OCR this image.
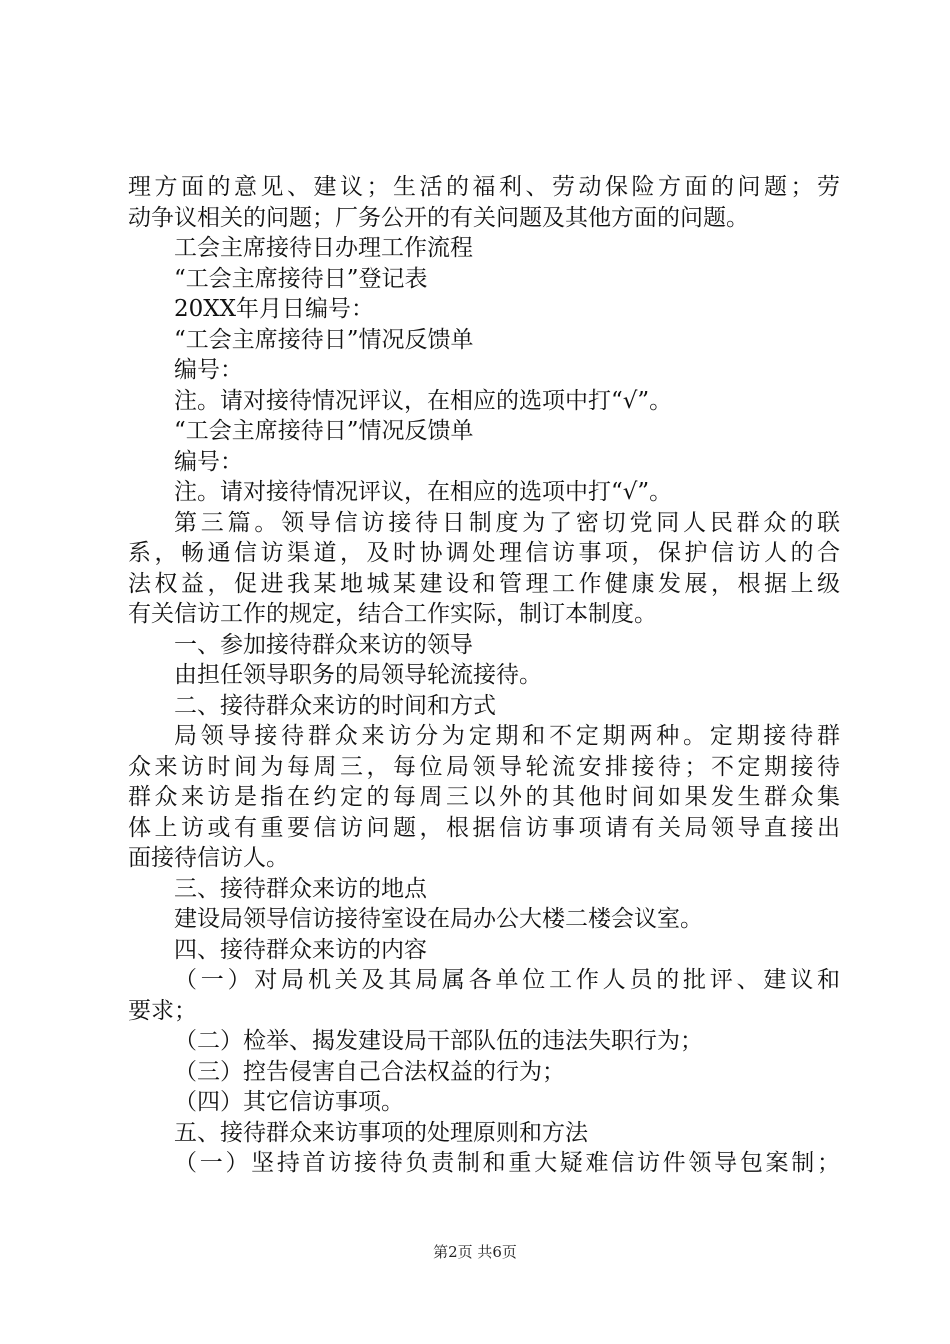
理方面的意见、建议；生活的福利、劳动保险方面的问题；劳
动争议相关的问题；厂务公开的有关问题及其他方面的问题。
工会主席接待日办理工作流程
“工会主席接待日”登记表
20XX年月日编号：
“工会主席接待日”情况反馈单
编号：
注。请对接待情况评议，在相应的选项中打“√”。
“工会主席接待日”情况反馈单
编号：
注。请对接待情况评议，在相应的选项中打“√”。
第三篇。领导信访接待日制度为了密切党同人民群众的联
系，畅通信访渠道，及时协调处理信访事项，保护信访人的合
法权益，促进我某地城某建设和管理工作健康发展，根据上级
有关信访工作的规定，结合工作实际，制订本制度。
一、参加接待群众来访的领导
由担任领导职务的局领导轮流接待。
二、接待群众来访的时间和方式
局领导接待群众来访分为定期和不定期两种。定期接待群
众来访时间为每周三，每位局领导轮流安排接待；不定期接待
群众来访是指在约定的每周三以外的其他时间如果发生群众集
体上访或有重要信访问题，根据信访事项请有关局领导直接出
面接待信访人。
三、接待群众来访的地点
建设局领导信访接待室设在局办公大楼二楼会议室。
四、接待群众来访的内容
（一）对局机关及其局属各单位工作人员的批评、建议和
要求；
（二）检举、揭发建设局干部队伍的违法失职行为；
（三）控告侵害自己合法权益的行为；
（四）其它信访事项。
五、接待群众来访事项的处理原则和方法
（一）坚持首访接待负责制和重大疑难信访件领导包案制；
第2页 共6页
